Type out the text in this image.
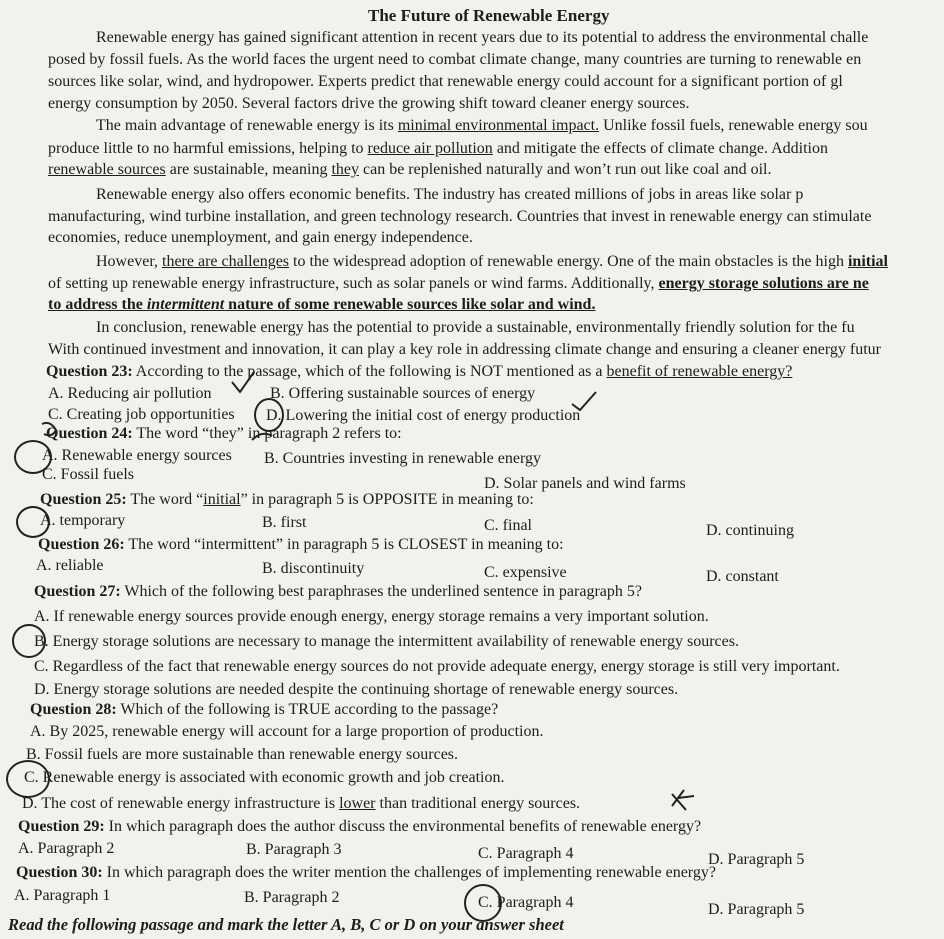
The Future of Renewable Energy
Renewable energy has gained significant attention in recent years due to its potential to address the environmental challe
posed by fossil fuels. As the world faces the urgent need to combat climate change, many countries are turning to renewable en
sources like solar, wind, and hydropower. Experts predict that renewable energy could account for a significant portion of gl
energy consumption by 2050. Several factors drive the growing shift toward cleaner energy sources.
The main advantage of renewable energy is its minimal environmental impact. Unlike fossil fuels, renewable energy sou
produce little to no harmful emissions, helping to reduce air pollution and mitigate the effects of climate change. Addition
renewable sources are sustainable, meaning they can be replenished naturally and won’t run out like coal and oil.
Renewable energy also offers economic benefits. The industry has created millions of jobs in areas like solar p
manufacturing, wind turbine installation, and green technology research. Countries that invest in renewable energy can stimulate
economies, reduce unemployment, and gain energy independence.
However, there are challenges to the widespread adoption of renewable energy. One of the main obstacles is the high initial
of setting up renewable energy infrastructure, such as solar panels or wind farms. Additionally, energy storage solutions are ne
to address the intermittent nature of some renewable sources like solar and wind.
In conclusion, renewable energy has the potential to provide a sustainable, environmentally friendly solution for the fu
With continued investment and innovation, it can play a key role in addressing climate change and ensuring a cleaner energy futur
Question 23: According to the passage, which of the following is NOT mentioned as a benefit of renewable energy?
A. Reducing air pollution	B. Offering sustainable sources of energy
C. Creating job opportunities D. Lowering the initial cost of energy production
Question 24: The word “they” in paragraph 2 refers to:
A. Renewable energy sources B. Countries investing in renewable energy
C. Fossil fuels
D. Solar panels and wind farms
Question 25: The word “initial” in paragraph 5 is OPPOSITE in meaning to:
A. temporary	B. first	C. final	D. continuing
Question 26: The word “intermittent” in paragraph 5 is CLOSEST in meaning to:
A. reliable	B. discontinuity	C. expensive	D. constant
Question 27: Which of the following best paraphrases the underlined sentence in paragraph 5?
A. If renewable energy sources provide enough energy, energy storage remains a very important solution.
B. Energy storage solutions are necessary to manage the intermittent availability of renewable energy sources.
C. Regardless of the fact that renewable energy sources do not provide adequate energy, energy storage is still very important.
D. Energy storage solutions are needed despite the continuing shortage of renewable energy sources.
Question 28: Which of the following is TRUE according to the passage?
A. By 2025, renewable energy will account for a large proportion of production.
B. Fossil fuels are more sustainable than renewable energy sources.
C. Renewable energy is associated with economic growth and job creation.
D. The cost of renewable energy infrastructure is lower than traditional energy sources.
Question 29: In which paragraph does the author discuss the environmental benefits of renewable energy?
A. Paragraph 2	B. Paragraph 3	C. Paragraph 4	D. Paragraph 5
Question 30: In which paragraph does the writer mention the challenges of implementing renewable energy?
A. Paragraph 1	B. Paragraph 2	C. Paragraph 4	D. Paragraph 5
Read the following passage and mark the letter A, B, C or D on your answer sheet
